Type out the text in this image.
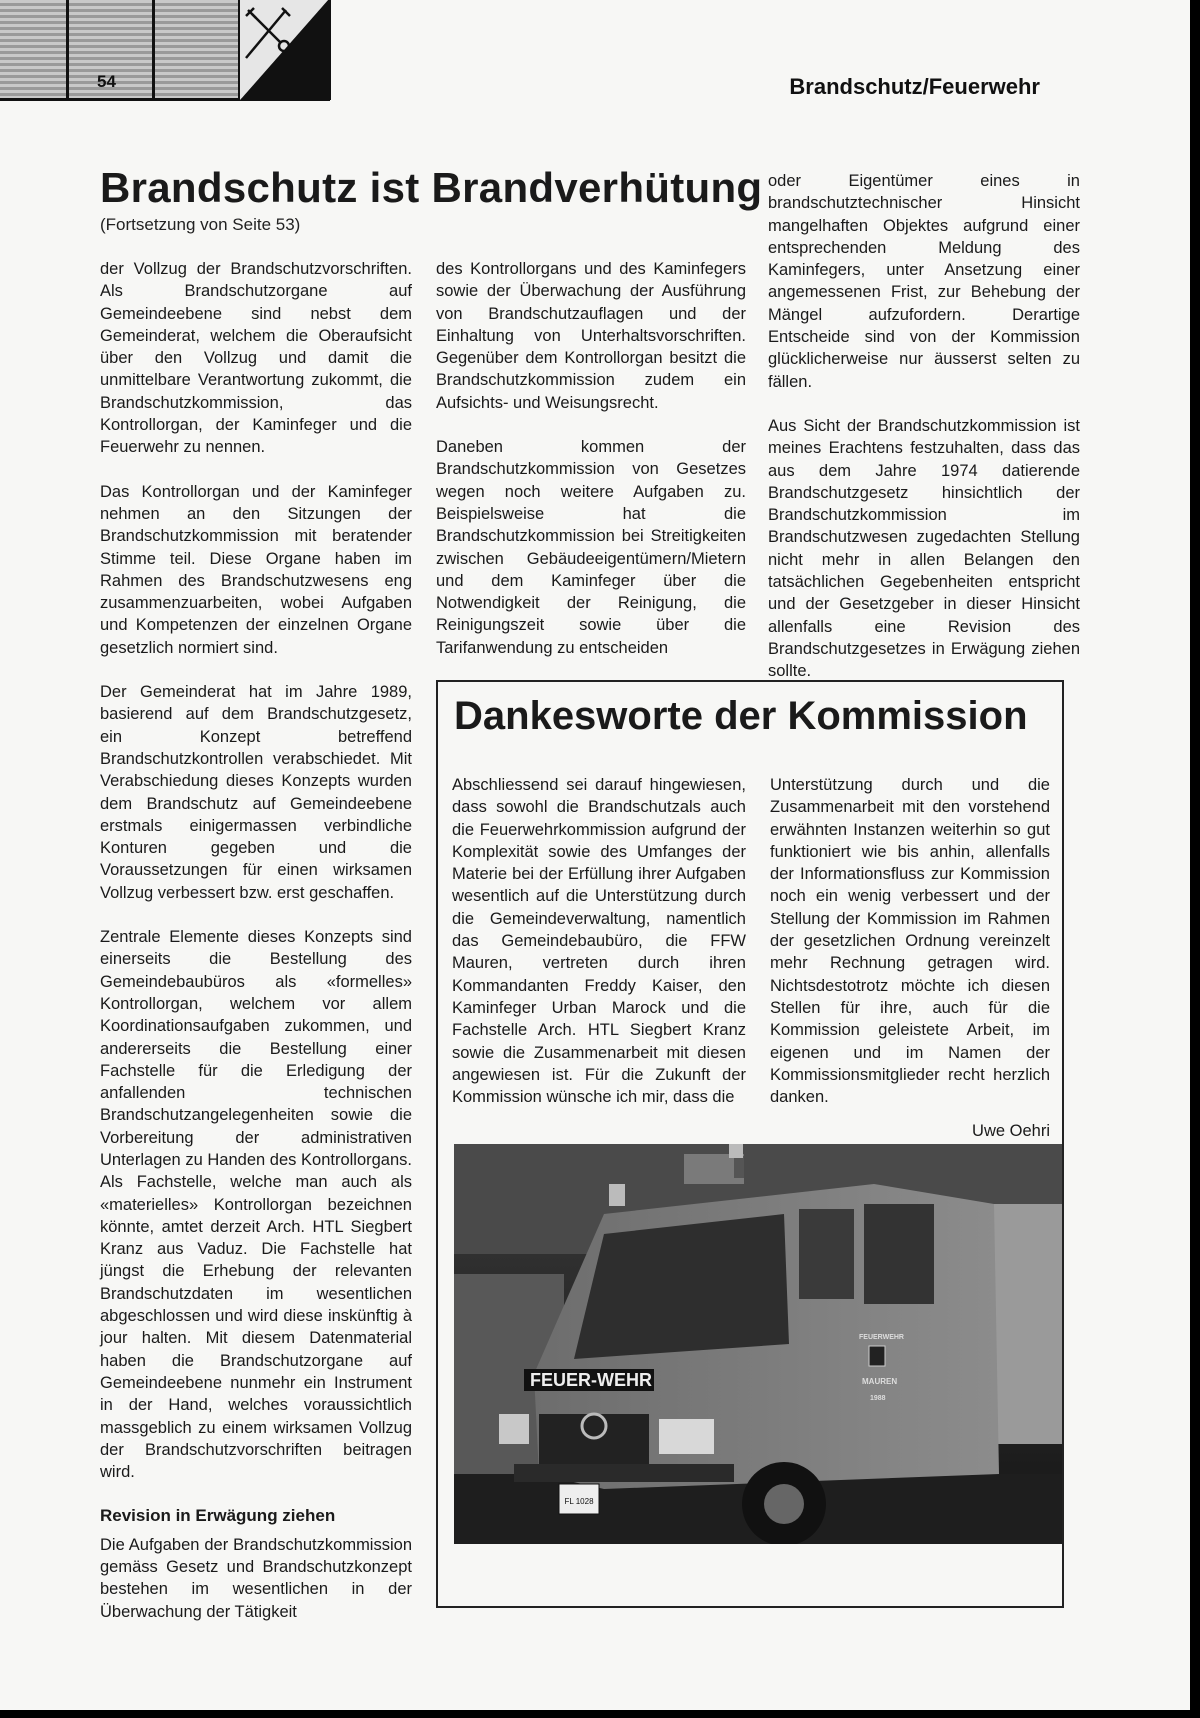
54	Brandschutz/Feuerwehr
Brandschutz ist Brandverhütung
(Fortsetzung von Seite 53)

der Vollzug der Brandschutzvorschriften. Als Brandschutzorgane auf Gemeindeebene sind nebst dem Gemeinderat, welchem die Oberaufsicht über den Vollzug und damit die unmittelbare Verantwortung zukommt, die Brandschutzkommission, das Kontrollorgan, der Kaminfeger und die Feuerwehr zu nennen.

Das Kontrollorgan und der Kaminfeger nehmen an den Sitzungen der Brandschutzkommission mit beratender Stimme teil. Diese Organe haben im Rahmen des Brandschutzwesens eng zusammenzuarbeiten, wobei Aufgaben und Kompetenzen der einzelnen Organe gesetzlich normiert sind.

Der Gemeinderat hat im Jahre 1989, basierend auf dem Brandschutzgesetz, ein Konzept betreffend Brandschutzkontrollen verabschiedet. Mit Verabschiedung dieses Konzepts wurden dem Brandschutz auf Gemeindeebene erstmals einigermassen verbindliche Konturen gegeben und die Voraussetzungen für einen wirksamen Vollzug verbessert bzw. erst geschaffen.

Zentrale Elemente dieses Konzepts sind einerseits die Bestellung des Gemeindebaubüros als «formelles» Kontrollorgan, welchem vor allem Koordinationsaufgaben zukommen, und andererseits die Bestellung einer Fachstelle für die Erledigung der anfallenden technischen Brandschutzangelegenheiten sowie die Vorbereitung der administrativen Unterlagen zu Handen des Kontrollorgans. Als Fachstelle, welche man auch als «materielles» Kontrollorgan bezeichnen könnte, amtet derzeit Arch. HTL Siegbert Kranz aus Vaduz. Die Fachstelle hat jüngst die Erhebung der relevanten Brandschutzdaten im wesentlichen abgeschlossen und wird diese inskünftig à jour halten. Mit diesem Datenmaterial haben die Brandschutzorgane auf Gemeindeebene nunmehr ein Instrument in der Hand, welches voraussichtlich massgeblich zu einem wirksamen Vollzug der Brandschutzvorschriften beitragen wird.

Revision in Erwägung ziehen

Die Aufgaben der Brandschutzkommission gemäss Gesetz und Brandschutzkonzept bestehen im wesentlichen in der Überwachung der Tätigkeit

des Kontrollorgans und des Kaminfegers sowie der Überwachung der Ausführung von Brandschutzauflagen und der Einhaltung von Unterhaltsvorschriften. Gegenüber dem Kontrollorgan besitzt die Brandschutzkommission zudem ein Aufsichts- und Weisungsrecht.

Daneben kommen der Brandschutzkommission von Gesetzes wegen noch weitere Aufgaben zu. Beispielsweise hat die Brandschutzkommission bei Streitigkeiten zwischen Gebäudeeigentümern/Mietern und dem Kaminfeger über die Notwendigkeit der Reinigung, die Reinigungszeit sowie über die Tarifanwendung zu entscheiden

oder Eigentümer eines in brandschutztechnischer Hinsicht mangelhaften Objektes aufgrund einer entsprechenden Meldung des Kaminfegers, unter Ansetzung einer angemessenen Frist, zur Behebung der Mängel aufzufordern. Derartige Entscheide sind von der Kommission glücklicherweise nur äusserst selten zu fällen.

Aus Sicht der Brandschutzkommission ist meines Erachtens festzuhalten, dass das aus dem Jahre 1974 datierende Brandschutzgesetz hinsichtlich der Brandschutzkommission im Brandschutzwesen zugedachten Stellung nicht mehr in allen Belangen den tatsächlichen Gegebenheiten entspricht und der Gesetzgeber in dieser Hinsicht allenfalls eine Revision des Brandschutzgesetzes in Erwägung ziehen sollte.

Dankesworte der Kommission

Abschliessend sei darauf hingewiesen, dass sowohl die Brandschutzals auch die Feuerwehrkommission aufgrund der Komplexität sowie des Umfanges der Materie bei der Erfüllung ihrer Aufgaben wesentlich auf die Unterstützung durch die Gemeindeverwaltung, namentlich das Gemeindebaubüro, die FFW Mauren, vertreten durch ihren Kommandanten Freddy Kaiser, den Kaminfeger Urban Marock und die Fachstelle Arch. HTL Siegbert Kranz sowie die Zusammenarbeit mit diesen angewiesen ist. Für die Zukunft der Kommission wünsche ich mir, dass die

Unterstützung durch und die Zusammenarbeit mit den vorstehend erwähnten Instanzen weiterhin so gut funktioniert wie bis anhin, allenfalls der Informationsfluss zur Kommission noch ein wenig verbessert und der Stellung der Kommission im Rahmen der gesetzlichen Ordnung vereinzelt mehr Rechnung getragen wird. Nichtsdestotrotz möchte ich diesen Stellen für ihre, auch für die Kommission geleistete Arbeit, im eigenen und im Namen der Kommissionsmitglieder recht herzlich danken.

Uwe Oehri

FL 1028
FEUER-WEHR
FEUERWEHR
MAUREN
1988
